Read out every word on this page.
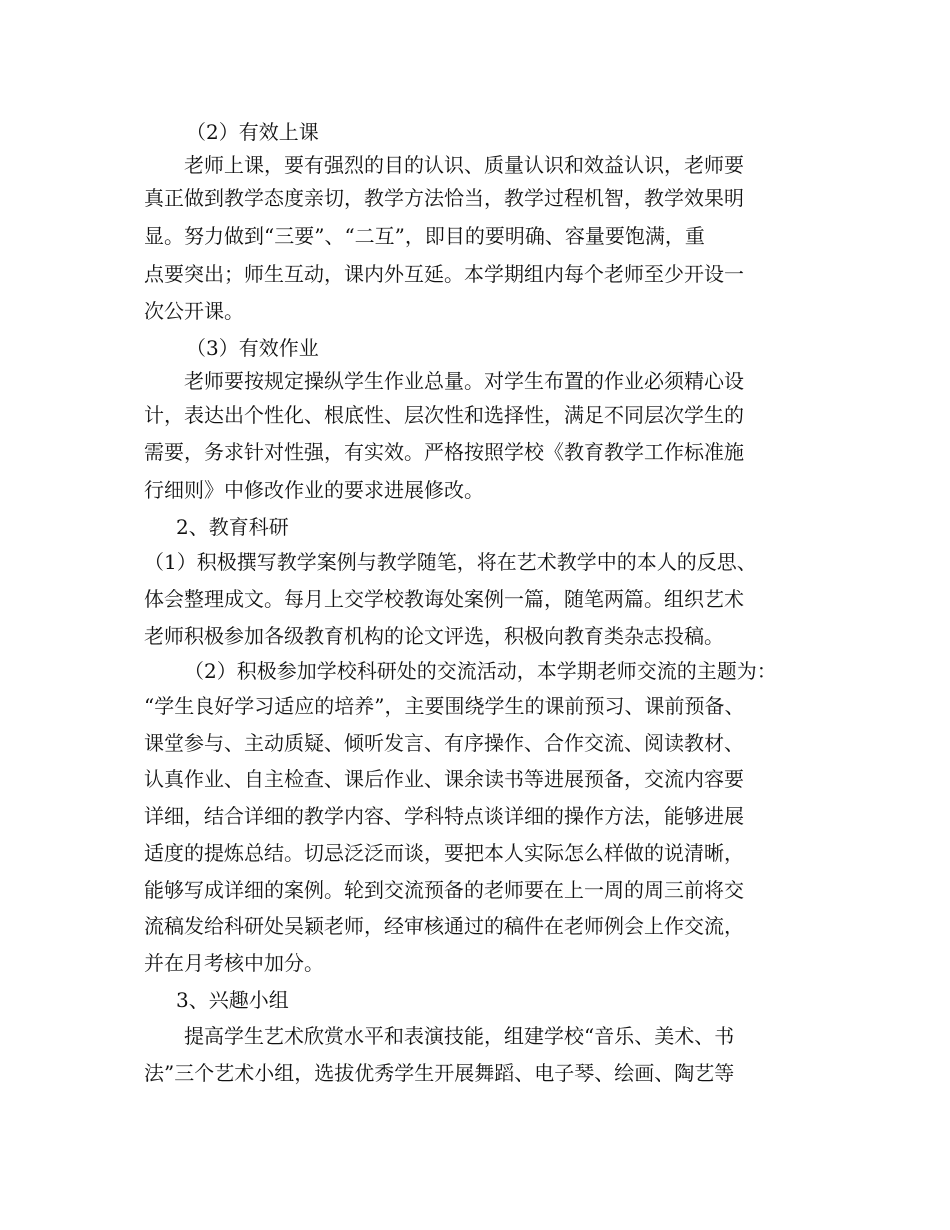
（2）有效上课
老师上课，要有强烈的目的认识、质量认识和效益认识，老师要
真正做到教学态度亲切，教学方法恰当，教学过程机智，教学效果明
显。努力做到“三要”、“二互”，即目的要明确、容量要饱满，重
点要突出；师生互动，课内外互延。本学期组内每个老师至少开设一
次公开课。
（3）有效作业
老师要按规定操纵学生作业总量。对学生布置的作业必须精心设
计，表达出个性化、根底性、层次性和选择性，满足不同层次学生的
需要，务求针对性强，有实效。严格按照学校《教育教学工作标准施
行细则》中修改作业的要求进展修改。
2、教育科研
（1）积极撰写教学案例与教学随笔，将在艺术教学中的本人的反思、
体会整理成文。每月上交学校教诲处案例一篇，随笔两篇。组织艺术
老师积极参加各级教育机构的论文评选，积极向教育类杂志投稿。
（2）积极参加学校科研处的交流活动，本学期老师交流的主题为：
“学生良好学习适应的培养”，主要围绕学生的课前预习、课前预备、
课堂参与、主动质疑、倾听发言、有序操作、合作交流、阅读教材、
认真作业、自主检查、课后作业、课余读书等进展预备，交流内容要
详细，结合详细的教学内容、学科特点谈详细的操作方法，能够进展
适度的提炼总结。切忌泛泛而谈，要把本人实际怎么样做的说清晰，
能够写成详细的案例。轮到交流预备的老师要在上一周的周三前将交
流稿发给科研处吴颖老师，经审核通过的稿件在老师例会上作交流，
并在月考核中加分。
3、兴趣小组
提高学生艺术欣赏水平和表演技能，组建学校“音乐、美术、书
法”三个艺术小组，选拔优秀学生开展舞蹈、电子琴、绘画、陶艺等
